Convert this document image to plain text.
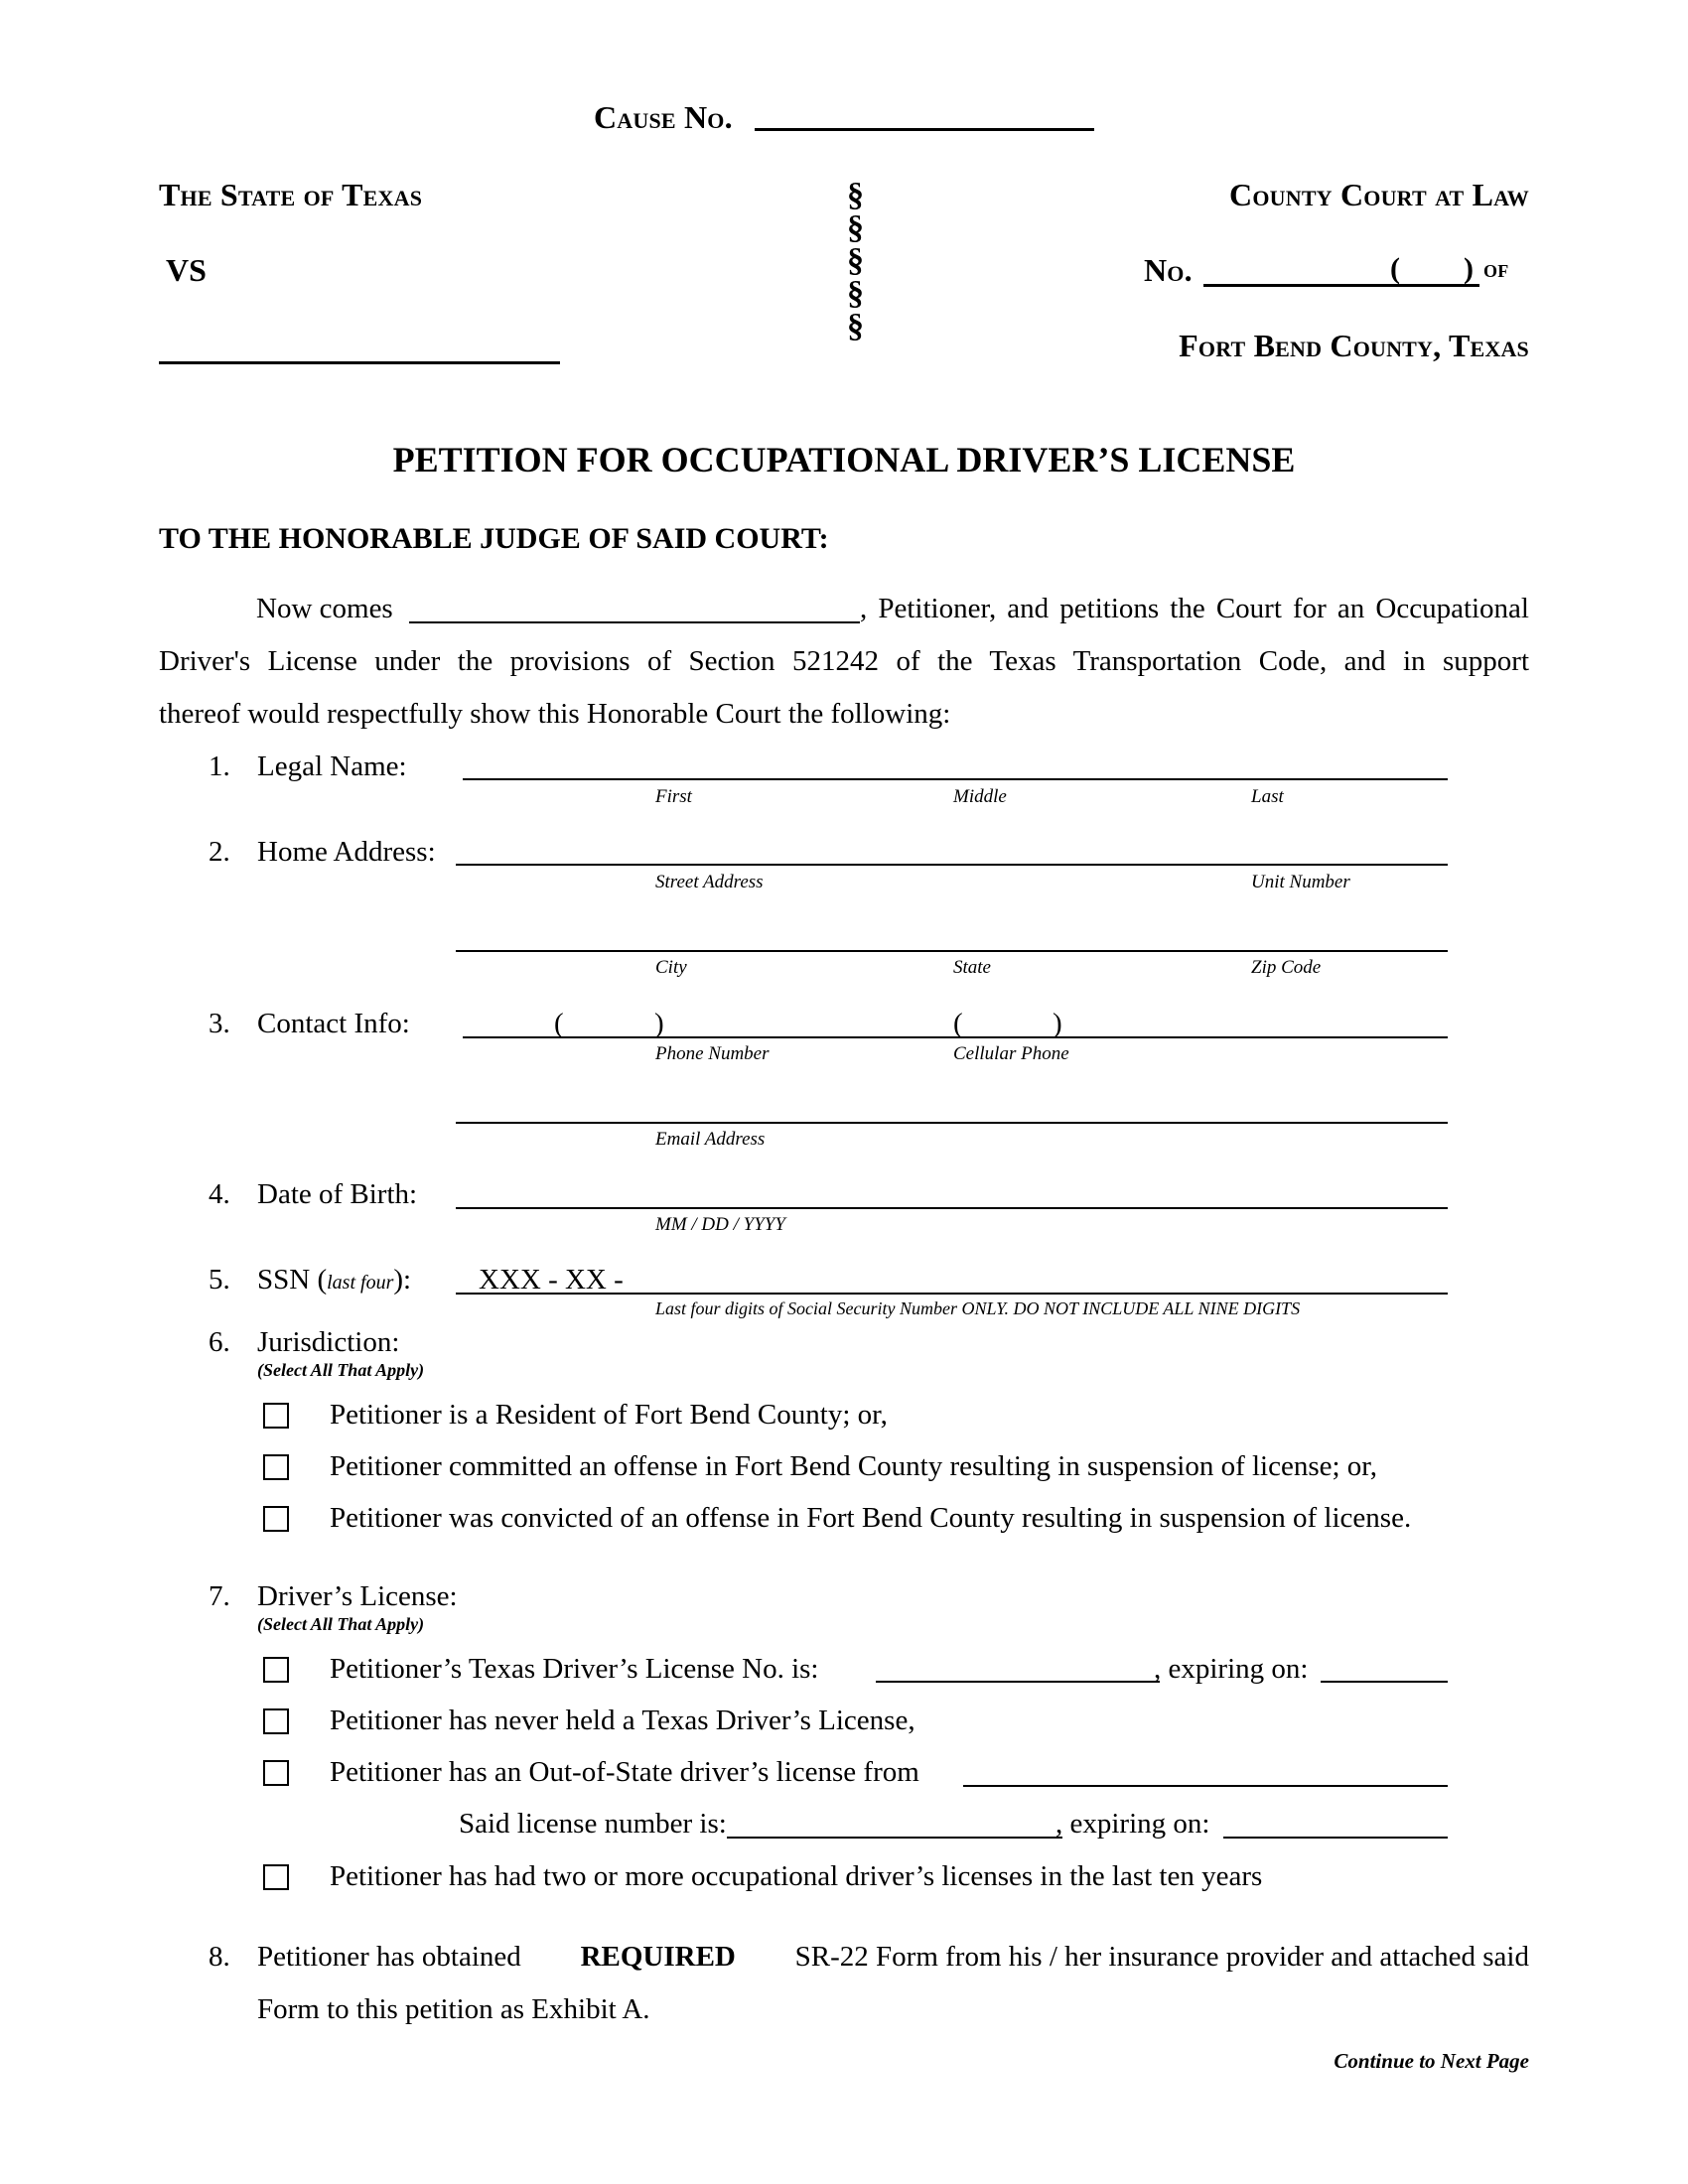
Cause No.
The State of Texas
VS
§
§
§
§
§
County Court at Law
No.	( ) of
Fort Bend County, Texas
PETITION FOR OCCUPATIONAL DRIVER’S LICENSE
TO THE HONORABLE JUDGE OF SAID COURT:
Now comes	, Petitioner, and petitions the Court for an Occupational
Driver's License under the provisions of Section 521242 of the Texas Transportation Code, and in support
thereof would respectfully show this Honorable Court the following:
1. Legal Name:
First	Middle	Last
2. Home Address:
Street Address	Unit Number
City	State	Zip Code
3. Contact Info:	(	)	(	)
Phone Number	Cellular Phone
Email Address
4. Date of Birth:
MM / DD / YYYY
5. SSN (last four): XXX - XX -
Last four digits of Social Security Number ONLY. DO NOT INCLUDE ALL NINE DIGITS
6. Jurisdiction:
(Select All That Apply)
Petitioner is a Resident of Fort Bend County; or,
Petitioner committed an offense in Fort Bend County resulting in suspension of license; or,
Petitioner was convicted of an offense in Fort Bend County resulting in suspension of license.
7. Driver’s License:
(Select All That Apply)
Petitioner’s Texas Driver’s License No. is:	, expiring on:
Petitioner has never held a Texas Driver’s License,
Petitioner has an Out-of-State driver’s license from
Said license number is:	, expiring on:
Petitioner has had two or more occupational driver’s licenses in the last ten years
8. Petitioner has obtained REQUIRED SR-22 Form from his / her insurance provider and attached said
Form to this petition as Exhibit A.
Continue to Next Page
